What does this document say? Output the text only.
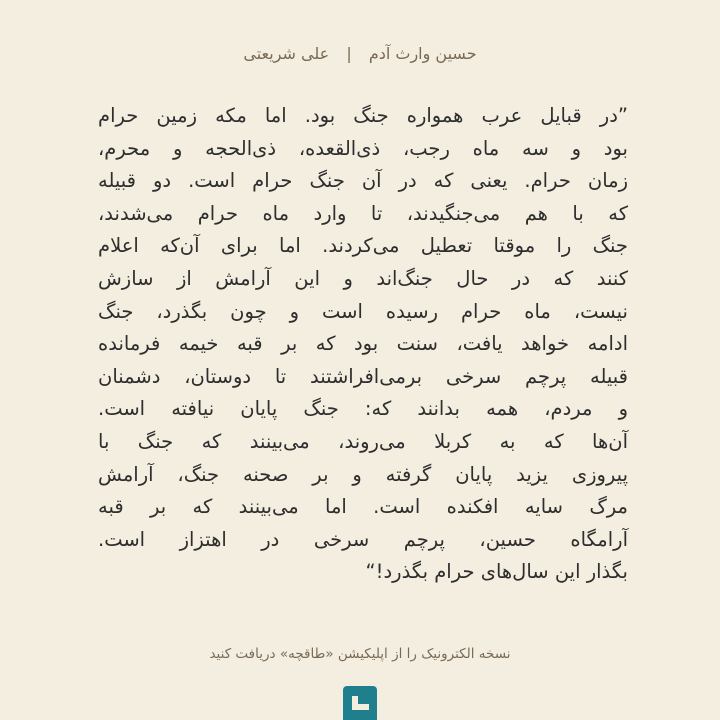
حسین وارث آدم | علی شریعتی
”در قبایل عرب همواره جنگ بود. اما مکه زمین حرام
بود و سه ماه رجب، ذی‌القعده، ذی‌الحجه و محرم،
زمان حرام. یعنی که در آن جنگ حرام است. دو قبیله
که با هم می‌جنگیدند، تا وارد ماه حرام می‌شدند،
جنگ را موقتا تعطیل می‌کردند. اما برای آن‌که اعلام
کنند که در حال جنگ‌اند و این آرامش از سازش
نیست، ماه حرام رسیده است و چون بگذرد، جنگ
ادامه خواهد یافت، سنت بود که بر قبه خیمه فرمانده
قبیله پرچم سرخی برمی‌افراشتند تا دوستان، دشمنان
و مردم، همه بدانند که: جنگ پایان نیافته است.
آن‌ها که به کربلا می‌روند، می‌بینند که جنگ با
پیروزی یزید پایان گرفته و بر صحنه جنگ، آرامش
مرگ سایه افکنده است. اما می‌بینند که بر قبه
آرامگاه حسین، پرچم سرخی در اهتزاز است.
بگذار این سال‌های حرام بگذرد!“
نسخه الکترونیک را از اپلیکیشن «طاقچه» دریافت کنید
